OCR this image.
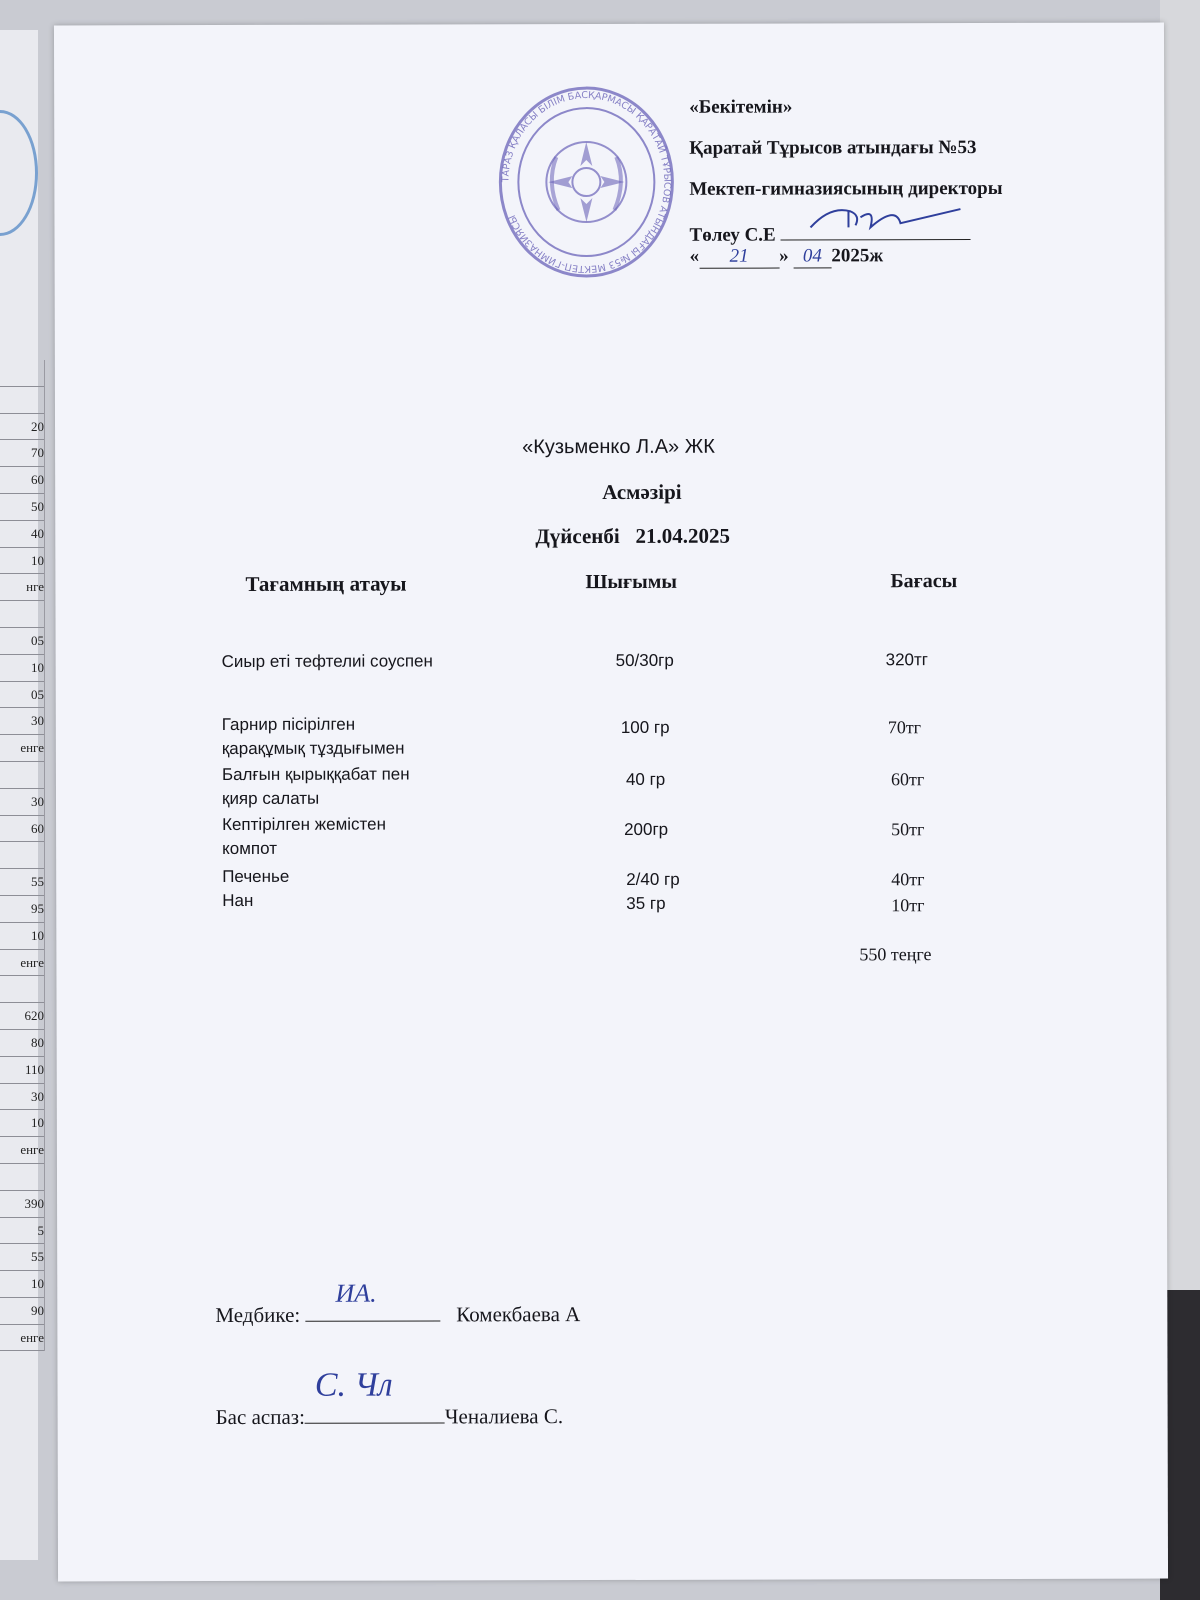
20
70
60
50
40
10
нге
05
10
05
30
енге
30
60
55
95
10
енге
620
80
110
30
10
енге
390
5
55
10
90
енге
ТАРАЗ ҚАЛАСЫ БІЛІМ БАСҚАРМАСЫ ҚАРАТАЙ ТҰРЫСОВ АТЫНДАҒЫ №53 МЕКТЕП-ГИМНАЗИЯСЫ
«Бекітемін»
Қаратай Тұрысов атындағы №53
Мектеп-гимназиясының директоры
Төлеу С.Е
« 21 » 04 2025ж
«Кузьменко Л.А» ЖК
Асмәзірі
Дүйсенбі 21.04.2025
Тағамның атауы	Шығымы	Бағасы
Сиыр еті тефтелиі соуспен	50/30гр	320тг
Гарнир пісірілген
қарақұмық тұздығымен
100 гр	70тг
Балғын қырыққабат пен
қияр салаты
40 гр	60тг
Кептірілген жемістен
компот
200гр	50тг
Печенье	2/40 гр	40тг
Нан	35 гр	10тг
550 теңге
Медбике:
ИА.
Комекбаева А
Бас аспаз:
С. Чл
Ченалиева С.
